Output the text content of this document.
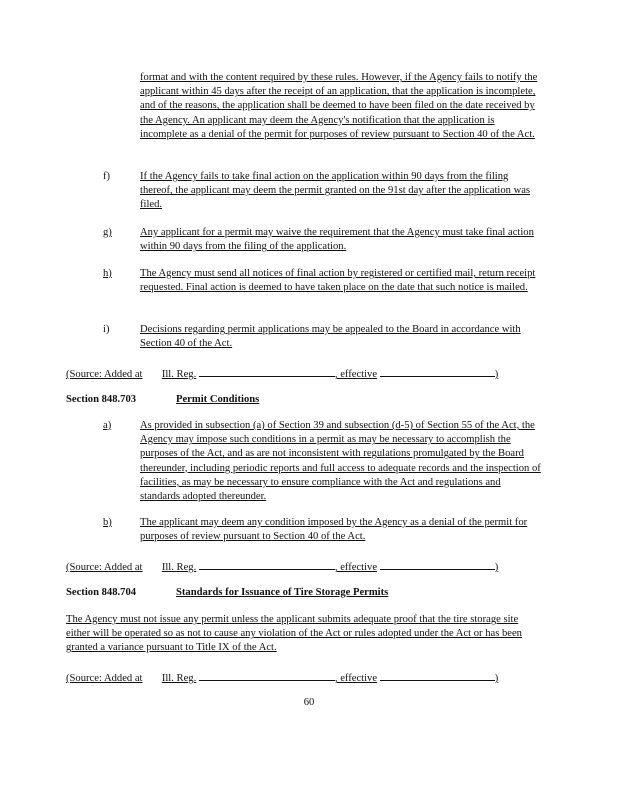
format and with the content required by these rules. However, if the Agency fails to notify the applicant within 45 days after the receipt of an application, that the application is incomplete, and of the reasons, the application shall be deemed to have been filed on the date received by the Agency. An applicant may deem the Agency's notification that the application is incomplete as a denial of the permit for purposes of review pursuant to Section 40 of the Act.
f)	If the Agency fails to take final action on the application within 90 days from the filing thereof, the applicant may deem the permit granted on the 91st day after the application was filed.
g)	Any applicant for a permit may waive the requirement that the Agency must take final action within 90 days from the filing of the application.
h)	The Agency must send all notices of final action by registered or certified mail, return receipt requested. Final action is deemed to have taken place on the date that such notice is mailed.
i)	Decisions regarding permit applications may be appealed to the Board in accordance with Section 40 of the Act.
(Source: Added at Ill. Reg.	, effective	)
Section 848.703	Permit Conditions
a)	As provided in subsection (a) of Section 39 and subsection (d-5) of Section 55 of the Act, the Agency may impose such conditions in a permit as may be necessary to accomplish the purposes of the Act, and as are not inconsistent with regulations promulgated by the Board thereunder, including periodic reports and full access to adequate records and the inspection of facilities, as may be necessary to ensure compliance with the Act and regulations and standards adopted thereunder.
b)	The applicant may deem any condition imposed by the Agency as a denial of the permit for purposes of review pursuant to Section 40 of the Act.
(Source: Added at Ill. Reg.	, effective	)
Section 848.704	Standards for Issuance of Tire Storage Permits
The Agency must not issue any permit unless the applicant submits adequate proof that the tire storage site either will be operated so as not to cause any violation of the Act or rules adopted under the Act or has been granted a variance pursuant to Title IX of the Act.
(Source: Added at Ill. Reg.	, effective	)
60
